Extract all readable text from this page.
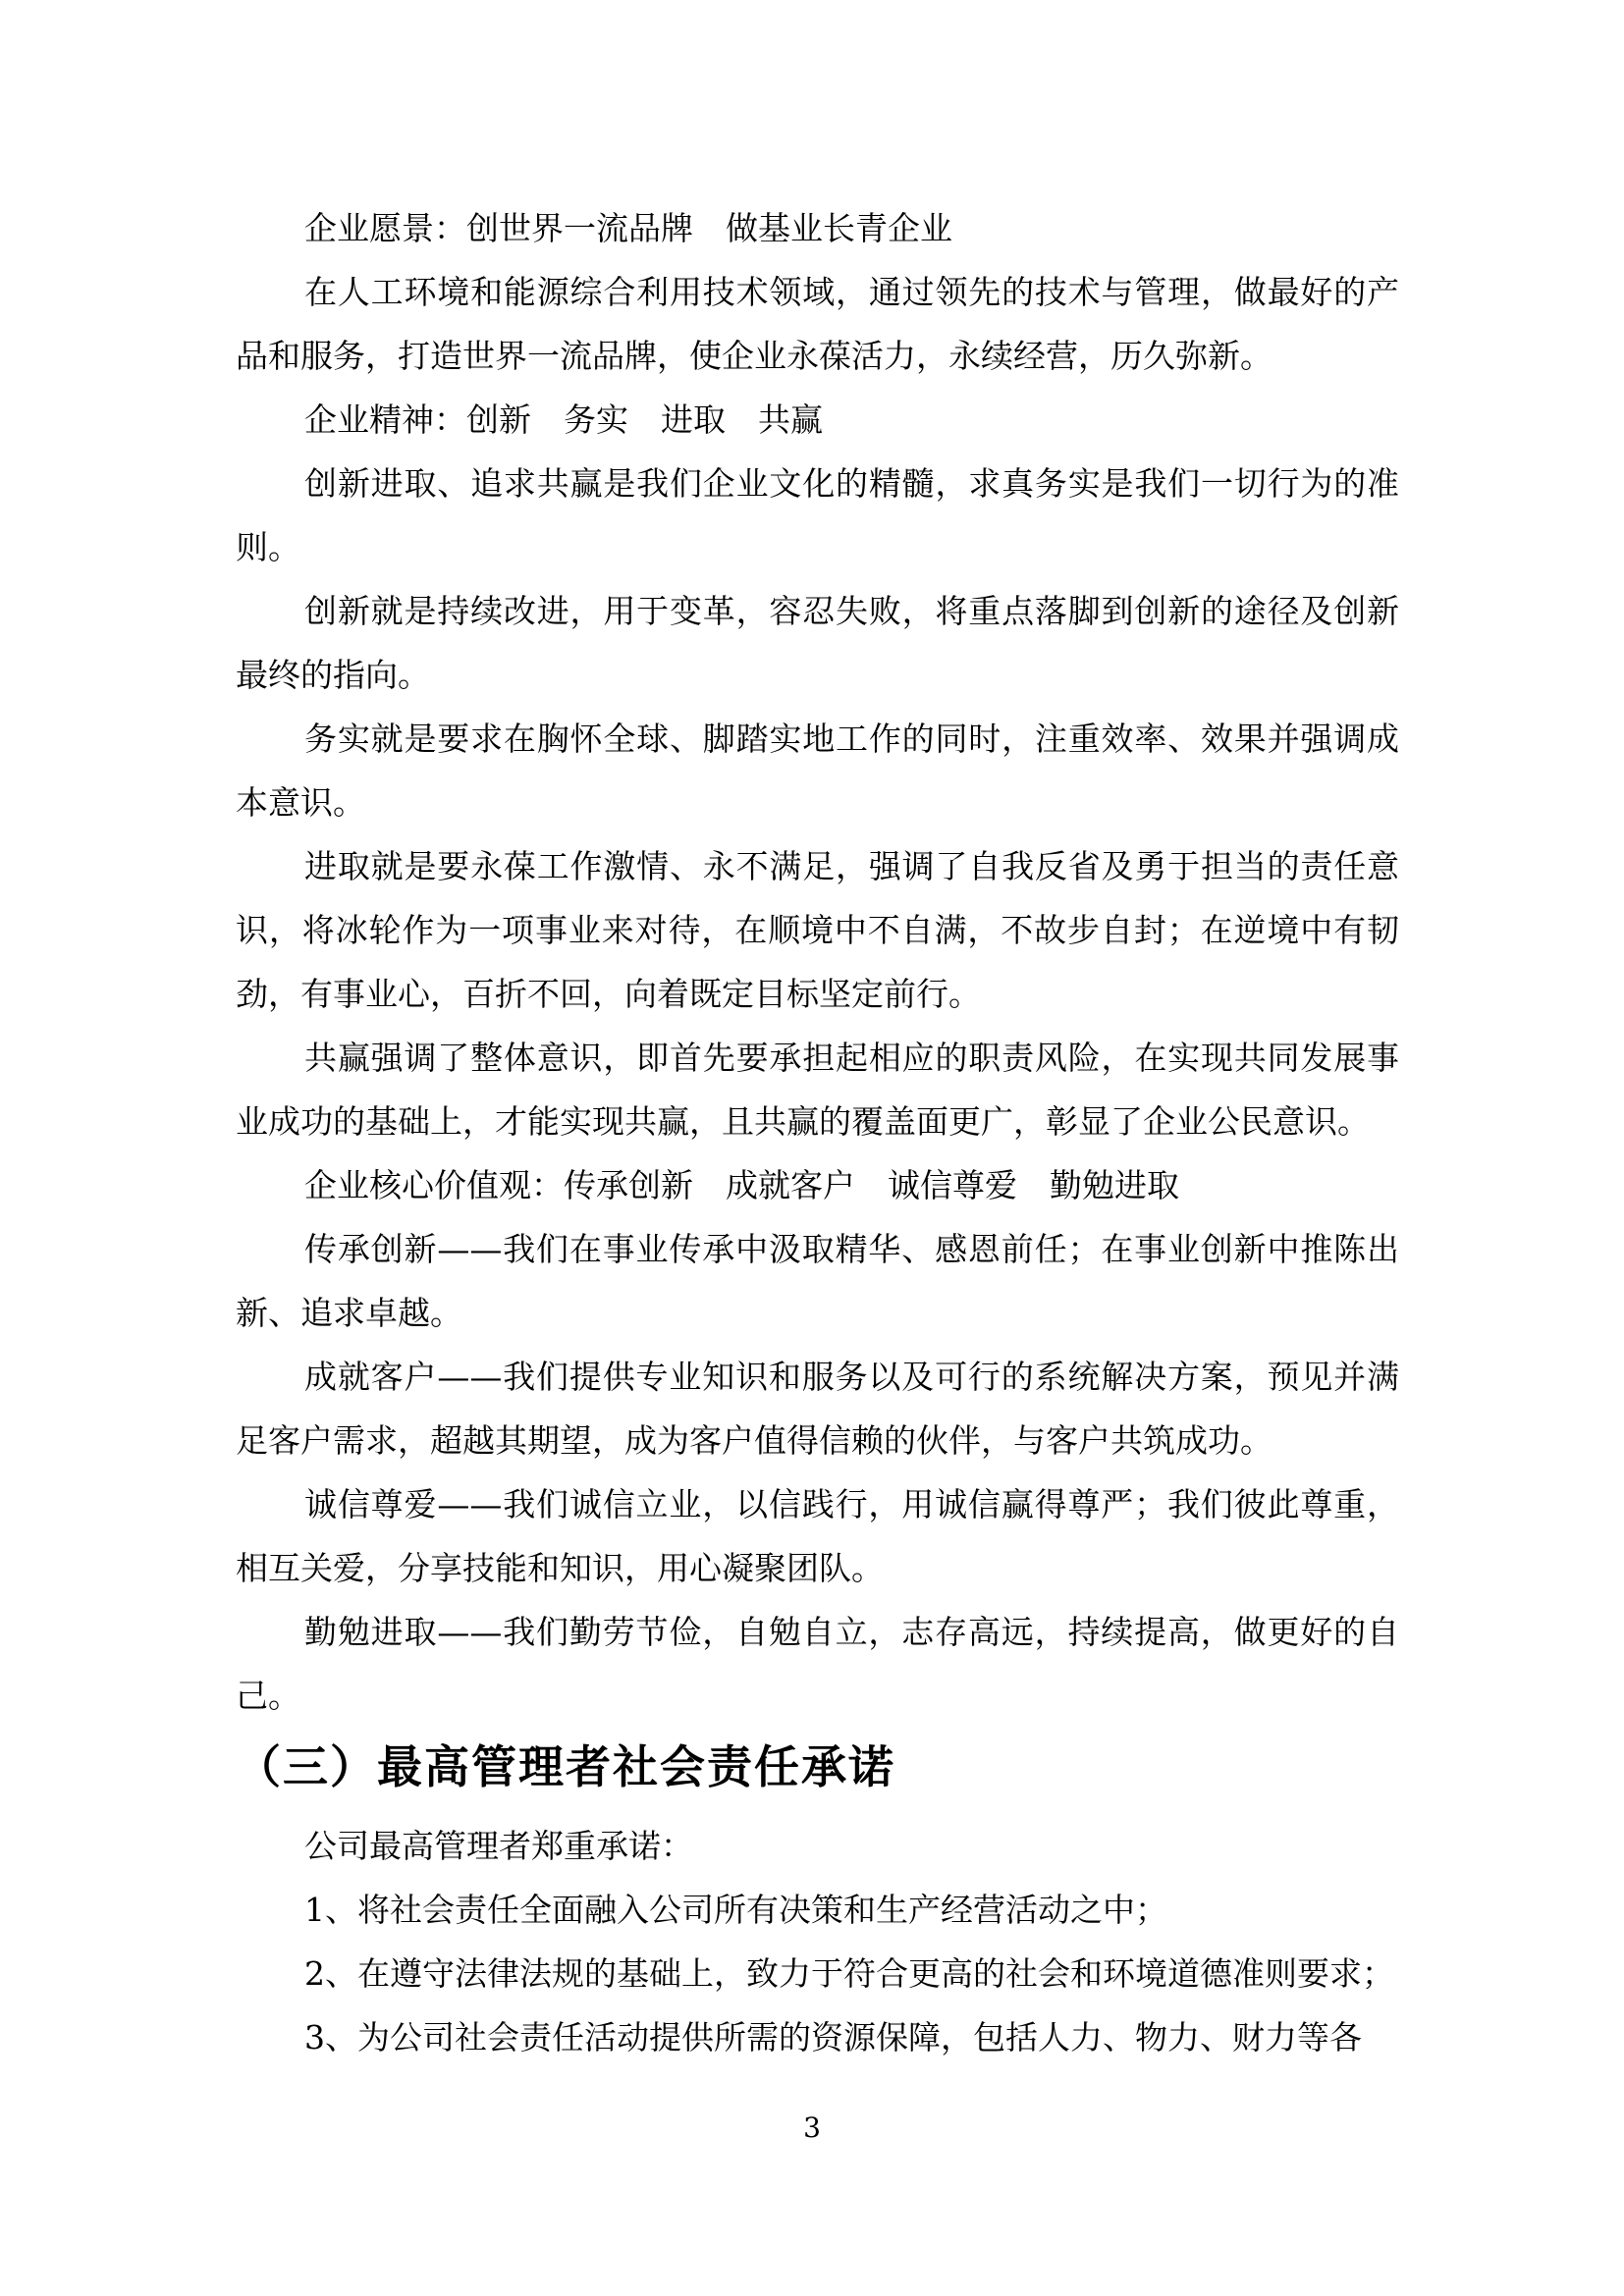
企业愿景：创世界一流品牌　做基业长青企业

在人工环境和能源综合利用技术领域，通过领先的技术与管理，做最好的产品和服务，打造世界一流品牌，使企业永葆活力，永续经营，历久弥新。

企业精神：创新　务实　进取　共赢

创新进取、追求共赢是我们企业文化的精髓，求真务实是我们一切行为的准则。

创新就是持续改进，用于变革，容忍失败，将重点落脚到创新的途径及创新最终的指向。

务实就是要求在胸怀全球、脚踏实地工作的同时，注重效率、效果并强调成本意识。

进取就是要永葆工作激情、永不满足，强调了自我反省及勇于担当的责任意识，将冰轮作为一项事业来对待，在顺境中不自满，不故步自封；在逆境中有韧劲，有事业心，百折不回，向着既定目标坚定前行。

共赢强调了整体意识，即首先要承担起相应的职责风险，在实现共同发展事业成功的基础上，才能实现共赢，且共赢的覆盖面更广，彰显了企业公民意识。

企业核心价值观：传承创新　成就客户　诚信尊爱　勤勉进取

传承创新——我们在事业传承中汲取精华、感恩前任；在事业创新中推陈出新、追求卓越。

成就客户——我们提供专业知识和服务以及可行的系统解决方案，预见并满足客户需求，超越其期望，成为客户值得信赖的伙伴，与客户共筑成功。

诚信尊爱——我们诚信立业，以信践行，用诚信赢得尊严；我们彼此尊重，相互关爱，分享技能和知识，用心凝聚团队。

勤勉进取——我们勤劳节俭，自勉自立，志存高远，持续提高，做更好的自己。

（三）最高管理者社会责任承诺

公司最高管理者郑重承诺：

1、将社会责任全面融入公司所有决策和生产经营活动之中；

2、在遵守法律法规的基础上，致力于符合更高的社会和环境道德准则要求；

3、为公司社会责任活动提供所需的资源保障，包括人力、物力、财力等各

3
